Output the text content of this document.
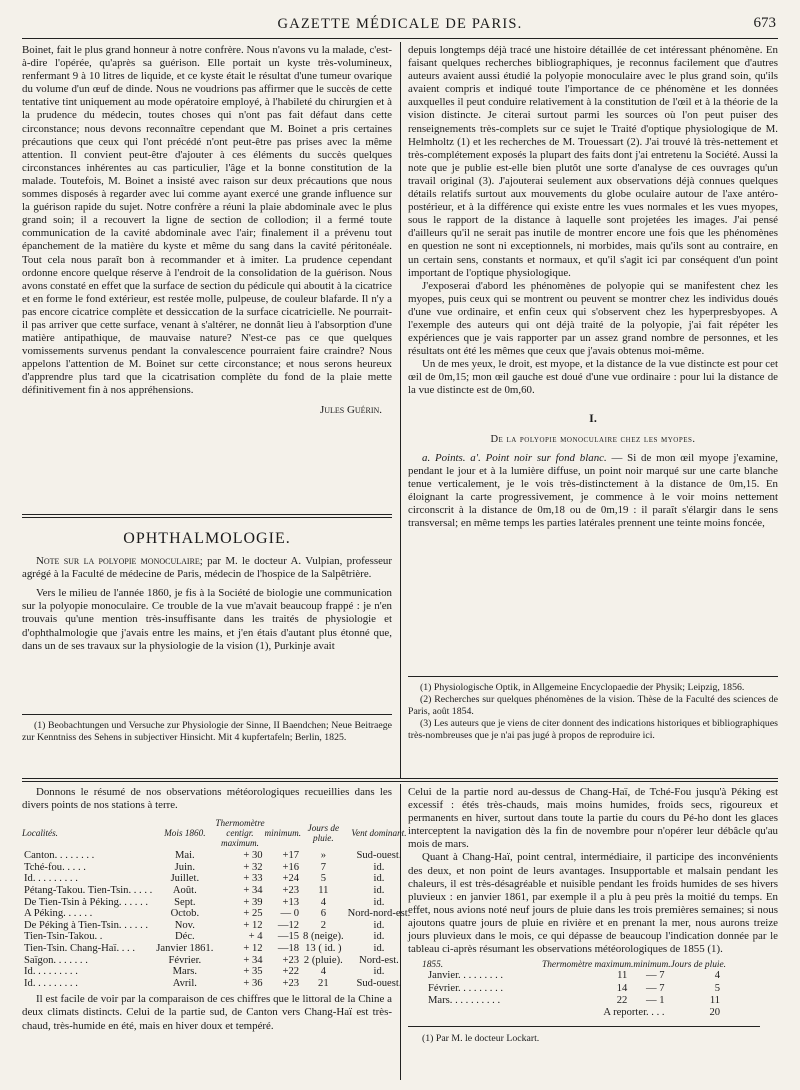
GAZETTE MÉDICALE DE PARIS.	673

Boinet, fait le plus grand honneur à notre confrère. Nous n'avons vu la malade, c'est-à-dire l'opérée, qu'après sa guérison. Elle portait un kyste très-volumineux, renfermant 9 à 10 litres de liquide, et ce kyste était le résultat d'une tumeur ovarique du volume d'un œuf de dinde. Nous ne voudrions pas affirmer que le succès de cette tentative tint uniquement au mode opératoire employé, à l'habileté du chirurgien et à la prudence du médecin, toutes choses qui n'ont pas fait défaut dans cette circonstance; nous devons reconnaître cependant que M. Boinet a pris certaines précautions que ceux qui l'ont précédé n'ont peut-être pas prises avec la même attention. Il convient peut-être d'ajouter à ces éléments du succès quelques circonstances inhérentes au cas particulier, l'âge et la bonne constitution de la malade. Toutefois, M. Boinet a insisté avec raison sur deux précautions que nous sommes disposés à regarder avec lui comme ayant exercé une grande influence sur la guérison rapide du sujet. Notre confrère a réuni la plaie abdominale avec le plus grand soin; il a recouvert la ligne de section de collodion; il a fermé toute communication de la cavité abdominale avec l'air; finalement il a prévenu tout épanchement de la matière du kyste et même du sang dans la cavité péritonéale. Tout cela nous paraît bon à recommander et à imiter. La prudence cependant ordonne encore quelque réserve à l'endroit de la consolidation de la guérison. Nous avons constaté en effet que la surface de section du pédicule qui aboutit à la cicatrice et en forme le fond extérieur, est restée molle, pulpeuse, de couleur blafarde. Il n'y a pas encore cicatrice complète et dessiccation de la surface cicatricielle. Ne pourrait-il pas arriver que cette surface, venant à s'altérer, ne donnât lieu à l'absorption d'une matière antipathique, de mauvaise nature? N'est-ce pas ce que quelques vomissements survenus pendant la convalescence pourraient faire craindre? Nous appelons l'attention de M. Boinet sur cette circonstance; et nous serons heureux d'apprendre plus tard que la cicatrisation complète du fond de la plaie mette définitivement fin à nos appréhensions.

Jules Guérin.

OPHTHALMOLOGIE.

Note sur la polyopie monoculaire; par M. le docteur A. Vulpian, professeur agrégé à la Faculté de médecine de Paris, médecin de l'hospice de la Salpêtrière.

Vers le milieu de l'année 1860, je fis à la Société de biologie une communication sur la polyopie monoculaire. Ce trouble de la vue m'avait beaucoup frappé : je n'en trouvais qu'une mention très-insuffisante dans les traités de physiologie et d'ophthalmologie que j'avais entre les mains, et j'en étais d'autant plus étonné que, dans un de ses travaux sur la physiologie de la vision (1), Purkinje avait

(1) Beobachtungen und Versuche zur Physiologie der Sinne, II Baendchen; Neue Beitraege zur Kenntniss des Sehens in subjectiver Hinsicht. Mit 4 kupfertafeln; Berlin, 1825.

depuis longtemps déjà tracé une histoire détaillée de cet intéressant phénomène. En faisant quelques recherches bibliographiques, je reconnus facilement que d'autres auteurs avaient aussi étudié la polyopie monoculaire avec le plus grand soin, qu'ils avaient compris et indiqué toute l'importance de ce phénomène et les données auxquelles il peut conduire relativement à la constitution de l'œil et à la théorie de la vision distincte. Je citerai surtout parmi les sources où l'on peut puiser des renseignements très-complets sur ce sujet le Traité d'optique physiologique de M. Helmholtz (1) et les recherches de M. Trouessart (2). J'ai trouvé là très-nettement et très-complétement exposés la plupart des faits dont j'ai entretenu la Société. Aussi la note que je publie est-elle bien plutôt une sorte d'analyse de ces ouvrages qu'un travail original (3). J'ajouterai seulement aux observations déjà connues quelques détails relatifs surtout aux mouvements du globe oculaire autour de l'axe antéro-postérieur, et à la différence qui existe entre les vues normales et les vues myopes, sous le rapport de la distance à laquelle sont projetées les images. J'ai pensé d'ailleurs qu'il ne serait pas inutile de montrer encore une fois que les phénomènes en question ne sont ni exceptionnels, ni morbides, mais qu'ils sont au contraire, en un certain sens, constants et normaux, et qu'il s'agit ici par conséquent d'un point important de l'optique physiologique.

J'exposerai d'abord les phénomènes de polyopie qui se manifestent chez les myopes, puis ceux qui se montrent ou peuvent se montrer chez les individus doués d'une vue ordinaire, et enfin ceux qui s'observent chez les hyperpresbyopes. A l'exemple des auteurs qui ont déjà traité de la polyopie, j'ai fait répéter les expériences que je vais rapporter par un assez grand nombre de personnes, et les résultats ont été les mêmes que ceux que j'avais obtenus moi-même.

Un de mes yeux, le droit, est myope, et la distance de la vue distincte est pour cet œil de 0m,15; mon œil gauche est doué d'une vue ordinaire : pour lui la distance de la vue distincte est de 0m,60.

I.
De la polyopie monoculaire chez les myopes.

a. Points. a'. Point noir sur fond blanc. — Si de mon œil myope j'examine, pendant le jour et à la lumière diffuse, un point noir marqué sur une carte blanche tenue verticalement, je le vois très-distinctement à la distance de 0m,15. En éloignant la carte progressivement, je commence à le voir moins nettement circonscrit à la distance de 0m,18 ou de 0m,19 : il paraît s'élargir dans le sens transversal; en même temps les parties latérales prennent une teinte moins foncée,

(1) Physiologische Optik, in Allgemeine Encyclopaedie der Physik; Leipzig, 1856.

(2) Recherches sur quelques phénomènes de la vision. Thèse de la Faculté des sciences de Paris, août 1854.

(3) Les auteurs que je viens de citer donnent des indications historiques et bibliographiques très-nombreuses que je n'ai pas jugé à propos de reproduire ici.

Donnons le résumé de nos observations météorologiques recueillies dans les divers points de nos stations à terre.

Localités.	Mois 1860.	Thermomètre centigr. maximum.	minimum.	Jours de pluie.	Vent dominant.
Canton. . . . . . . .	Mai.	+ 30	+17	»	Sud-ouest.
Tché-fou. . . . .	Juin.	+ 32	+16	7	id.
Id. . . . . . . . .	Juillet.	+ 33	+24	5	id.
Pétang-Takou. Tien-Tsin. . . . .	Août.	+ 34	+23	11	id.
De Tien-Tsin à Péking. . . . . .	Sept.	+ 39	+13	4	id.
A Péking. . . . . .	Octob.	+ 25	— 0	6	Nord-nord-est.
De Péking à Tien-Tsin. . . . . .	Nov.	+ 12	—12	2	id.
Tien-Tsin-Takou. .	Déc.	+ 4	—15	8 (neige).	id.
Tien-Tsin. Chang-Haï. . . .	Janvier 1861.	+ 12	—18	13 ( id. )	id.
Saïgon. . . . . . .	Février.	+ 34	+23	2 (pluie).	Nord-est.
Id. . . . . . . . .	Mars.	+ 35	+22	4	id.
Id. . . . . . . . .	Avril.	+ 36	+23	21	Sud-ouest.

Il est facile de voir par la comparaison de ces chiffres que le littoral de la Chine a deux climats distincts. Celui de la partie sud, de Canton vers Chang-Haï est très-chaud, très-humide en été, mais en hiver doux et tempéré.

Celui de la partie nord au-dessus de Chang-Haï, de Tché-Fou jusqu'à Péking est excessif : étés très-chauds, mais moins humides, froids secs, rigoureux et permanents en hiver, surtout dans toute la partie du cours du Pé-ho dont les glaces interceptent la navigation dès la fin de novembre pour n'opérer leur débâcle qu'au mois de mars.

Quant à Chang-Haï, point central, intermédiaire, il participe des inconvénients des deux, et non point de leurs avantages. Insupportable et malsain pendant les chaleurs, il est très-désagréable et nuisible pendant les froids humides de ses hivers pluvieux : en janvier 1861, par exemple il a plu à peu près la moitié du temps. En effet, nous avions noté neuf jours de pluie dans les trois premières semaines; si nous ajoutons quatre jours de pluie en rivière et en prenant la mer, nous aurons treize jours pluvieux dans le mois, ce qui dépasse de beaucoup l'indication donnée par le tableau ci-après résumant les observations météorologiques de 1855 (1).

1855.	Thermomètre maximum.	minimum.	Jours de pluie.
Janvier. . . . . . . . .	11	— 7	4
Février. . . . . . . . .	14	— 7	5
Mars. . . . . . . . . .	22	— 1	11
A reporter. . . .			20

(1) Par M. le docteur Lockart.
